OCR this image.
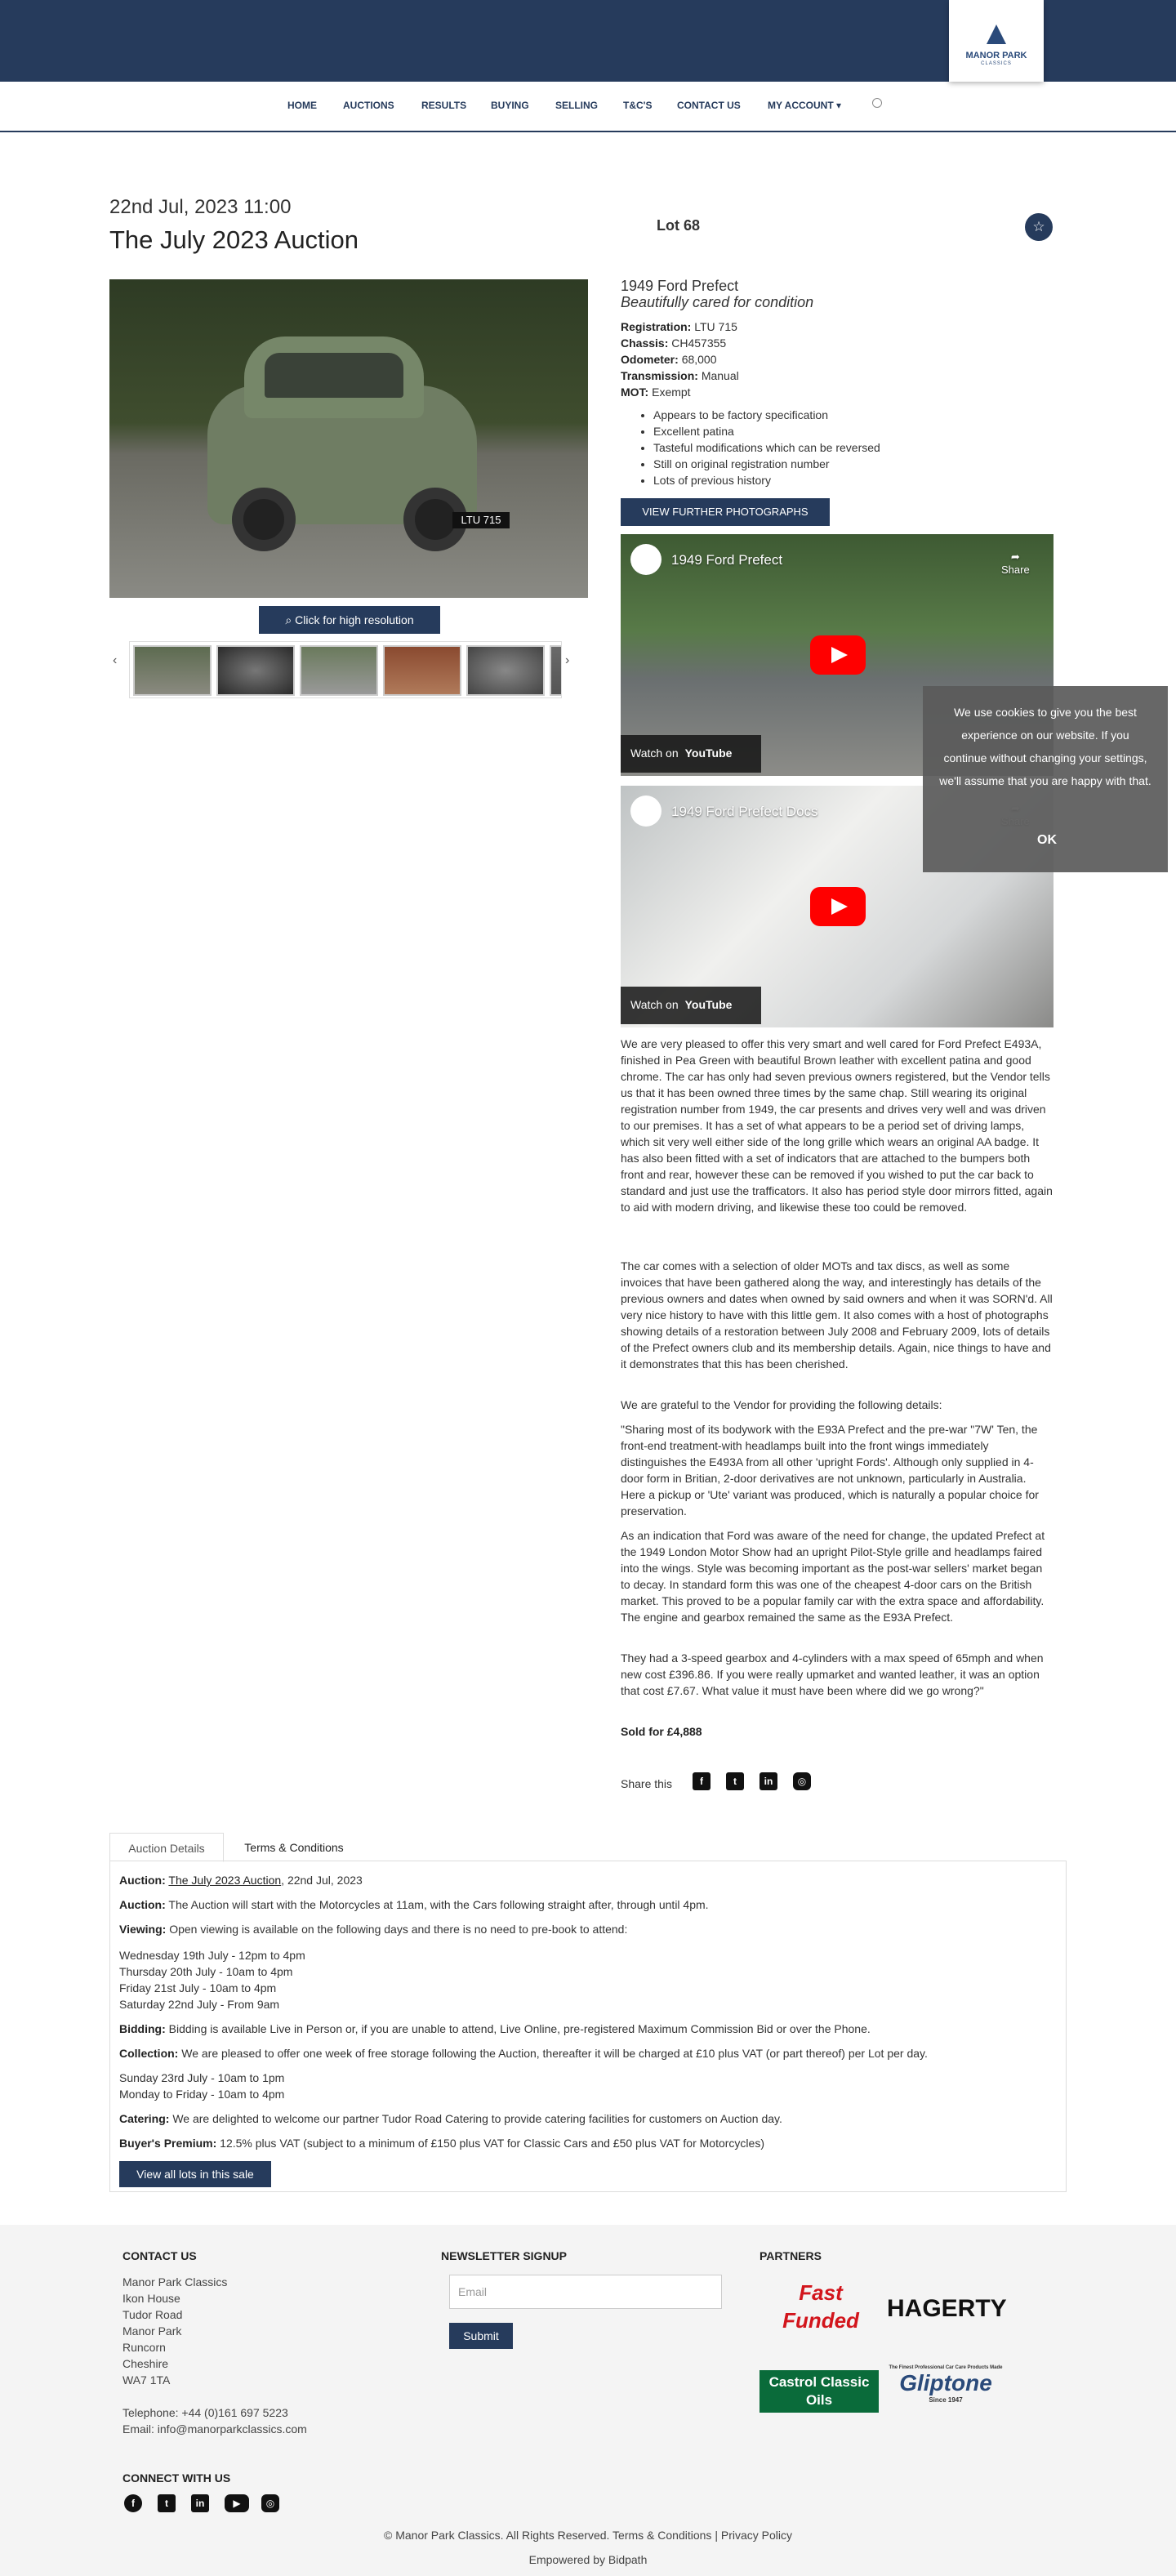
MANOR PARK
CLASSICS
HOME	AUCTIONS	RESULTS BUYING	SELLING	T&C'S	CONTACT US	MY ACCOUNT ▾
22nd Jul, 2023 11:00
The July 2023 Auction	Lot 68	☆
LTU 715
⌕ Click for high resolution
‹	›
1949 Ford Prefect
Beautifully cared for condition
Registration: LTU 715
Chassis: CH457355
Odometer: 68,000
Transmission: Manual
MOT: Exempt
• Appears to be factory specification
• Excellent patina
• Tasteful modifications which can be reversed
• Still on original registration number
• Lots of previous history
VIEW FURTHER PHOTOGRAPHS
1949 Ford Prefect	➦
Share
Watch on YouTube
1949 Ford Prefect Docs
Watch on YouTube

We are very pleased to offer this very smart and well cared for Ford Prefect E493A, finished in Pea Green with beautiful Brown leather with excellent patina and good chrome. The car has only had seven previous owners registered, but the Vendor tells us that it has been owned three times by the same chap. Still wearing its original registration number from 1949, the car presents and drives very well and was driven to our premises. It has a set of what appears to be a period set of driving lamps, which sit very well either side of the long grille which wears an original AA badge. It has also been fitted with a set of indicators that are attached to the bumpers both front and rear, however these can be removed if you wished to put the car back to standard and just use the trafficators. It also has period style door mirrors fitted, again to aid with modern driving, and likewise these too could be removed.

The car comes with a selection of older MOTs and tax discs, as well as some invoices that have been gathered along the way, and interestingly has details of the previous owners and dates when owned by said owners and when it was SORN'd. All very nice history to have with this little gem. It also comes with a host of photographs showing details of a restoration between July 2008 and February 2009, lots of details of the Prefect owners club and its membership details. Again, nice things to have and it demonstrates that this has been cherished.

We are grateful to the Vendor for providing the following details:

"Sharing most of its bodywork with the E93A Prefect and the pre-war "7W' Ten, the front-end treatment-with headlamps built into the front wings immediately distinguishes the E493A from all other 'upright Fords'. Although only supplied in 4-door form in Britian, 2-door derivatives are not unknown, particularly in Australia. Here a pickup or 'Ute' variant was produced, which is naturally a popular choice for preservation.

As an indication that Ford was aware of the need for change, the updated Prefect at the 1949 London Motor Show had an upright Pilot-Style grille and headlamps faired into the wings. Style was becoming important as the post-war sellers' market began to decay. In standard form this was one of the cheapest 4-door cars on the British market. This proved to be a popular family car with the extra space and affordability. The engine and gearbox remained the same as the E93A Prefect.

They had a 3-speed gearbox and 4-cylinders with a max speed of 65mph and when new cost £396.86. If you were really upmarket and wanted leather, it was an option that cost £7.67. What value it must have been where did we go wrong?"

Sold for £4,888

Share this	f	t	in	◎
Auction Details	Terms & Conditions
Auction: The July 2023 Auction, 22nd Jul, 2023
Auction: The Auction will start with the Motorcycles at 11am, with the Cars following straight after, through until 4pm.
Viewing: Open viewing is available on the following days and there is no need to pre-book to attend:
Wednesday 19th July - 12pm to 4pm
Thursday 20th July - 10am to 4pm
Friday 21st July - 10am to 4pm
Saturday 22nd July - From 9am
Bidding: Bidding is available Live in Person or, if you are unable to attend, Live Online, pre-registered Maximum Commission Bid or over the Phone.
Collection: We are pleased to offer one week of free storage following the Auction, thereafter it will be charged at £10 plus VAT (or part thereof) per Lot per day.
Sunday 23rd July - 10am to 1pm
Monday to Friday - 10am to 4pm
Catering: We are delighted to welcome our partner Tudor Road Catering to provide catering facilities for customers on Auction day.
Buyer's Premium: 12.5% plus VAT (subject to a minimum of £150 plus VAT for Classic Cars and £50 plus VAT for Motorcycles)
View all lots in this sale
CONTACT US
Manor Park Classics
Ikon House
Tudor Road
Manor Park
Runcorn
Cheshire
WA7 1TA
Telephone: +44 (0)161 697 5223
Email: info@manorparkclassics.com
NEWSLETTER SIGNUP
Email
Submit
PARTNERS
Fast Funded	HAGERTY
Castrol Classic Oils
The Finest Professional Car Care Products Made
Gliptone
Since 1947
CONNECT WITH US
f	t	in	▶	◎
© Manor Park Classics. All Rights Reserved. Terms & Conditions | Privacy Policy
Empowered by Bidpath
We use cookies to give you the best experience on our website. If you continue without changing your settings, we'll assume that you are happy with that.
OK
